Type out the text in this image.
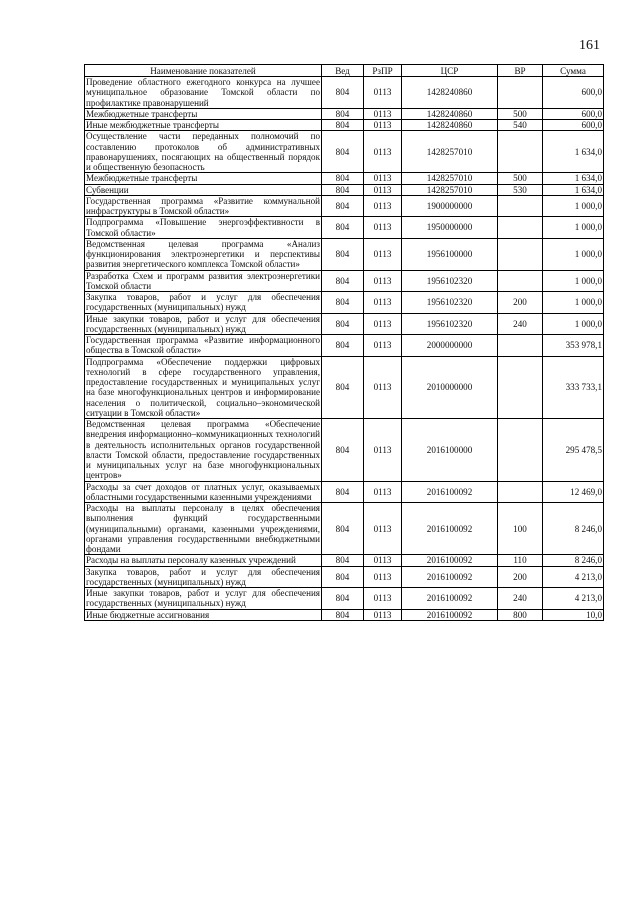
161
Наименование показателей	Вед	РзПР	ЦСР	ВР	Сумма
Проведение областного ежегодного конкурса на лучшее муниципальное образование Томской области по профилактике правонарушений	804	0113	1428240860		600,0
Межбюджетные трансферты	804	0113	1428240860	500	600,0
Иные межбюджетные трансферты	804	0113	1428240860	540	600,0
Осуществление части переданных полномочий по составлению протоколов об административных правонарушениях, посягающих на общественный порядок и общественную безопасность	804	0113	1428257010		1 634,0
Межбюджетные трансферты	804	0113	1428257010	500	1 634,0
Субвенции	804	0113	1428257010	530	1 634,0
Государственная программа «Развитие коммунальной инфраструктуры в Томской области»	804	0113	1900000000		1 000,0
Подпрограмма «Повышение энергоэффективности в Томской области»	804	0113	1950000000		1 000,0
Ведомственная целевая программа «Анализ функционирования электроэнергетики и перспективы развития энергетического комплекса Томской области»	804	0113	1956100000		1 000,0
Разработка Схем и программ развития электроэнергетики Томской области	804	0113	1956102320		1 000,0
Закупка товаров, работ и услуг для обеспечения государственных (муниципальных) нужд	804	0113	1956102320	200	1 000,0
Иные закупки товаров, работ и услуг для обеспечения государственных (муниципальных) нужд	804	0113	1956102320	240	1 000,0
Государственная программа «Развитие информационного общества в Томской области»	804	0113	2000000000		353 978,1
Подпрограмма «Обеспечение поддержки цифровых технологий в сфере государственного управления, предоставление государственных и муниципальных услуг на базе многофункциональных центров и информирование населения о политической, социально–экономической ситуации в Томской области»	804	0113	2010000000		333 733,1
Ведомственная целевая программа «Обеспечение внедрения информационно–коммуникационных технологий в деятельность исполнительных органов государственной власти Томской области, предоставление государственных и муниципальных услуг на базе многофункциональных центров»	804	0113	2016100000		295 478,5
Расходы за счет доходов от платных услуг, оказываемых областными государственными казенными учреждениями	804	0113	2016100092		12 469,0
Расходы на выплаты персоналу в целях обеспечения выполнения функций государственными (муниципальными) органами, казенными учреждениями, органами управления государственными внебюджетными фондами	804	0113	2016100092	100	8 246,0
Расходы на выплаты персоналу казенных учреждений	804	0113	2016100092	110	8 246,0
Закупка товаров, работ и услуг для обеспечения государственных (муниципальных) нужд	804	0113	2016100092	200	4 213,0
Иные закупки товаров, работ и услуг для обеспечения государственных (муниципальных) нужд	804	0113	2016100092	240	4 213,0
Иные бюджетные ассигнования	804	0113	2016100092	800	10,0
